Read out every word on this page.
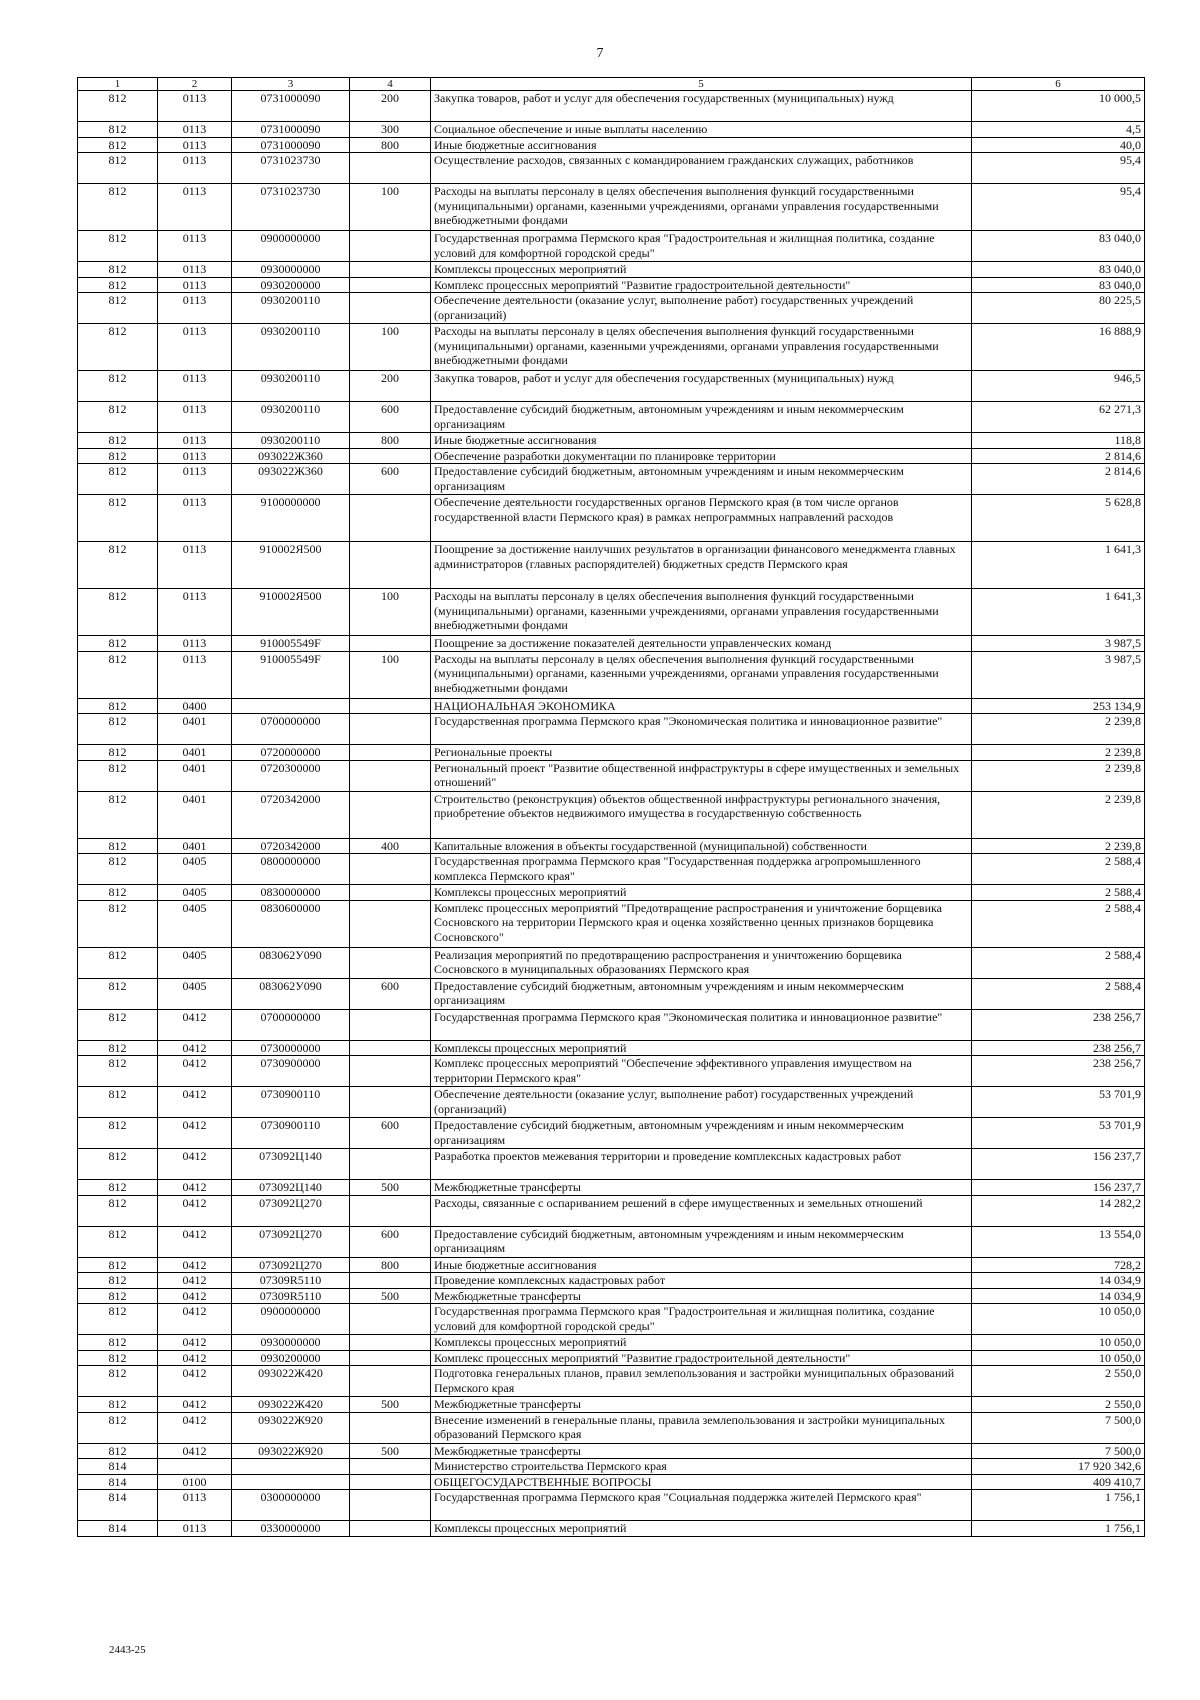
7
1	2	3	4	5	6
812	0113	0731000090	200	Закупка товаров, работ и услуг для обеспечения государственных (муниципальных) нужд	10 000,5
812	0113	0731000090	300	Социальное обеспечение и иные выплаты населению	4,5
812	0113	0731000090	800	Иные бюджетные ассигнования	40,0
812	0113	0731023730		Осуществление расходов, связанных с командированием гражданских служащих, работников	95,4
812	0113	0731023730	100	Расходы на выплаты персоналу в целях обеспечения выполнения функций государственными (муниципальными) органами, казенными учреждениями, органами управления государственными внебюджетными фондами	95,4
812	0113	0900000000		Государственная программа Пермского края "Градостроительная и жилищная политика, создание условий для комфортной городской среды"	83 040,0
812	0113	0930000000		Комплексы процессных мероприятий	83 040,0
812	0113	0930200000		Комплекс процессных мероприятий "Развитие градостроительной деятельности"	83 040,0
812	0113	0930200110		Обеспечение деятельности (оказание услуг, выполнение работ) государственных учреждений (организаций)	80 225,5
812	0113	0930200110	100	Расходы на выплаты персоналу в целях обеспечения выполнения функций государственными (муниципальными) органами, казенными учреждениями, органами управления государственными внебюджетными фондами	16 888,9
812	0113	0930200110	200	Закупка товаров, работ и услуг для обеспечения государственных (муниципальных) нужд	946,5
812	0113	0930200110	600	Предоставление субсидий бюджетным, автономным учреждениям и иным некоммерческим организациям	62 271,3
812	0113	0930200110	800	Иные бюджетные ассигнования	118,8
812	0113	093022Ж360		Обеспечение разработки документации по планировке территории	2 814,6
812	0113	093022Ж360	600	Предоставление субсидий бюджетным, автономным учреждениям и иным некоммерческим организациям	2 814,6
812	0113	9100000000		Обеспечение деятельности государственных органов Пермского края (в том числе органов государственной власти Пермского края) в рамках непрограммных направлений расходов	5 628,8
812	0113	910002Я500		Поощрение за достижение наилучших результатов в организации финансового менеджмента главных администраторов (главных распорядителей) бюджетных средств Пермского края	1 641,3
812	0113	910002Я500	100	Расходы на выплаты персоналу в целях обеспечения выполнения функций государственными (муниципальными) органами, казенными учреждениями, органами управления государственными внебюджетными фондами	1 641,3
812	0113	910005549F		Поощрение за достижение показателей деятельности управленческих команд	3 987,5
812	0113	910005549F	100	Расходы на выплаты персоналу в целях обеспечения выполнения функций государственными (муниципальными) органами, казенными учреждениями, органами управления государственными внебюджетными фондами	3 987,5
812	0400			НАЦИОНАЛЬНАЯ ЭКОНОМИКА	253 134,9
812	0401	0700000000		Государственная программа Пермского края "Экономическая политика и инновационное развитие"	2 239,8
812	0401	0720000000		Региональные проекты	2 239,8
812	0401	0720300000		Региональный проект "Развитие общественной инфраструктуры в сфере имущественных и земельных отношений"	2 239,8
812	0401	0720342000		Строительство (реконструкция) объектов общественной инфраструктуры регионального значения, приобретение объектов недвижимого имущества в государственную собственность	2 239,8
812	0401	0720342000	400	Капитальные вложения в объекты государственной (муниципальной) собственности	2 239,8
812	0405	0800000000		Государственная программа Пермского края "Государственная поддержка агропромышленного комплекса Пермского края"	2 588,4
812	0405	0830000000		Комплексы процессных мероприятий	2 588,4
812	0405	0830600000		Комплекс процессных мероприятий "Предотвращение распространения и уничтожение борщевика Сосновского на территории Пермского края и оценка хозяйственно ценных признаков борщевика Сосновского"	2 588,4
812	0405	083062У090		Реализация мероприятий по предотвращению распространения и уничтожению борщевика Сосновского в муниципальных образованиях Пермского края	2 588,4
812	0405	083062У090	600	Предоставление субсидий бюджетным, автономным учреждениям и иным некоммерческим организациям	2 588,4
812	0412	0700000000		Государственная программа Пермского края "Экономическая политика и инновационное развитие"	238 256,7
812	0412	0730000000		Комплексы процессных мероприятий	238 256,7
812	0412	0730900000		Комплекс процессных мероприятий "Обеспечение эффективного управления имуществом на территории Пермского края"	238 256,7
812	0412	0730900110		Обеспечение деятельности (оказание услуг, выполнение работ) государственных учреждений (организаций)	53 701,9
812	0412	0730900110	600	Предоставление субсидий бюджетным, автономным учреждениям и иным некоммерческим организациям	53 701,9
812	0412	073092Ц140		Разработка проектов межевания территории и проведение комплексных кадастровых работ	156 237,7
812	0412	073092Ц140	500	Межбюджетные трансферты	156 237,7
812	0412	073092Ц270		Расходы, связанные с оспариванием решений в сфере имущественных и земельных отношений	14 282,2
812	0412	073092Ц270	600	Предоставление субсидий бюджетным, автономным учреждениям и иным некоммерческим организациям	13 554,0
812	0412	073092Ц270	800	Иные бюджетные ассигнования	728,2
812	0412	07309R5110		Проведение комплексных кадастровых работ	14 034,9
812	0412	07309R5110	500	Межбюджетные трансферты	14 034,9
812	0412	0900000000		Государственная программа Пермского края "Градостроительная и жилищная политика, создание условий для комфортной городской среды"	10 050,0
812	0412	0930000000		Комплексы процессных мероприятий	10 050,0
812	0412	0930200000		Комплекс процессных мероприятий "Развитие градостроительной деятельности"	10 050,0
812	0412	093022Ж420		Подготовка генеральных планов, правил землепользования и застройки муниципальных образований Пермского края	2 550,0
812	0412	093022Ж420	500	Межбюджетные трансферты	2 550,0
812	0412	093022Ж920		Внесение изменений в генеральные планы, правила землепользования и застройки муниципальных образований Пермского края	7 500,0
812	0412	093022Ж920	500	Межбюджетные трансферты	7 500,0
814				Министерство строительства Пермского края	17 920 342,6
814	0100			ОБЩЕГОСУДАРСТВЕННЫЕ ВОПРОСЫ	409 410,7
814	0113	0300000000		Государственная программа Пермского края "Социальная поддержка жителей Пермского края"	1 756,1
814	0113	0330000000		Комплексы процессных мероприятий	1 756,1
2443-25
